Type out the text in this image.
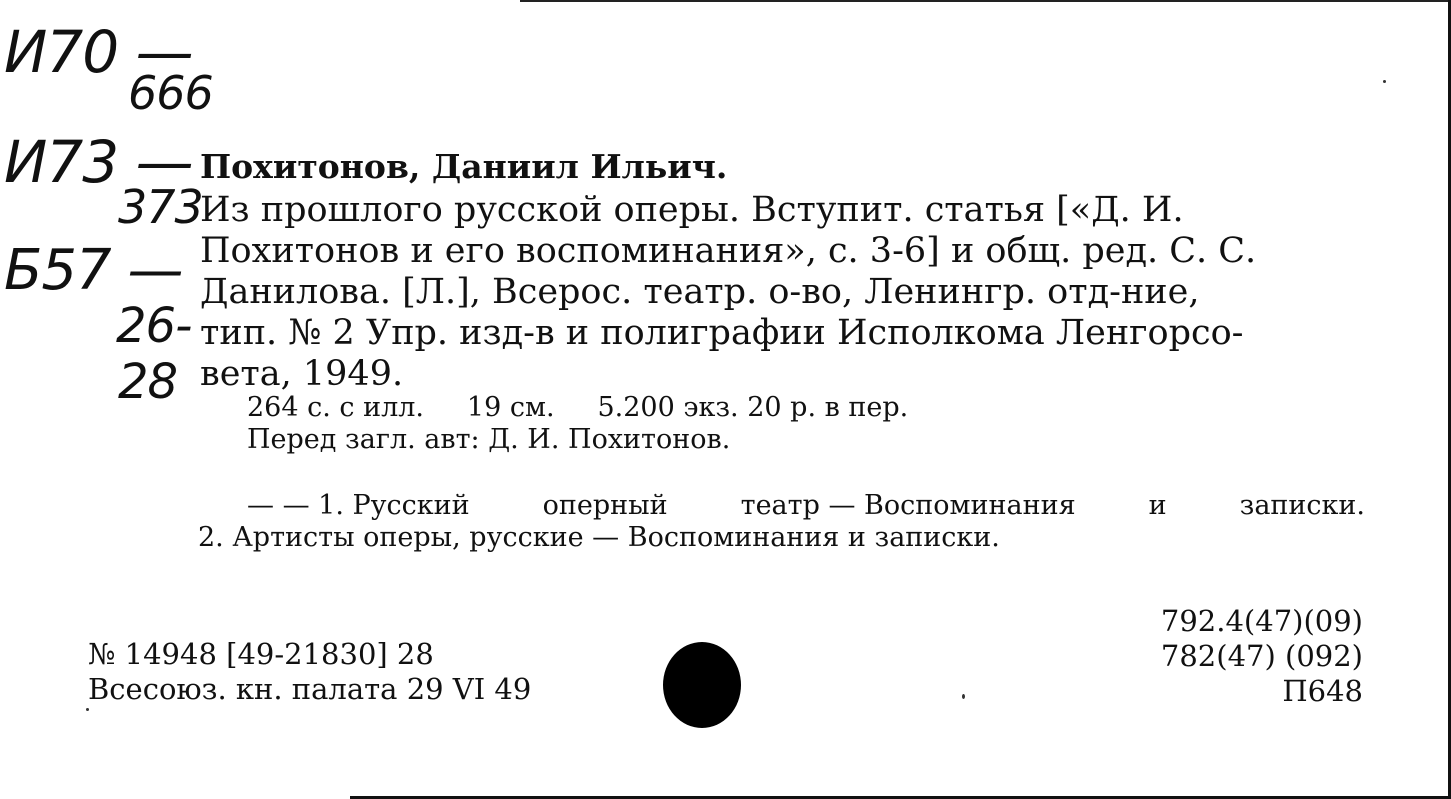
И70 —
666
И73 —
373
Б57 —
26-
28
Похитонов, Даниил Ильич.
Из прошлого русской оперы. Вступит. статья [«Д. И.
Похитонов и его воспоминания», с. 3-6] и общ. ред. С. С.
Данилова. [Л.], Всерос. театр. о-во, Ленингр. отд-ние,
тип. № 2 Упр. изд-в и полиграфии Исполкома Ленгорсо-
вета, 1949.
264 с. с илл.     19 см.     5.200 экз. 20 р. в пер.
Перед загл. авт: Д. И. Похитонов.
— — 1. Русский	оперный	театр — Воспоминания	и	записки.
2. Артисты оперы, русские — Воспоминания и записки.
№ 14948 [49-21830] 28
Всесоюз. кн. палата 29 VI 49
792.4(47)(09)
782(47) (092)
П648
